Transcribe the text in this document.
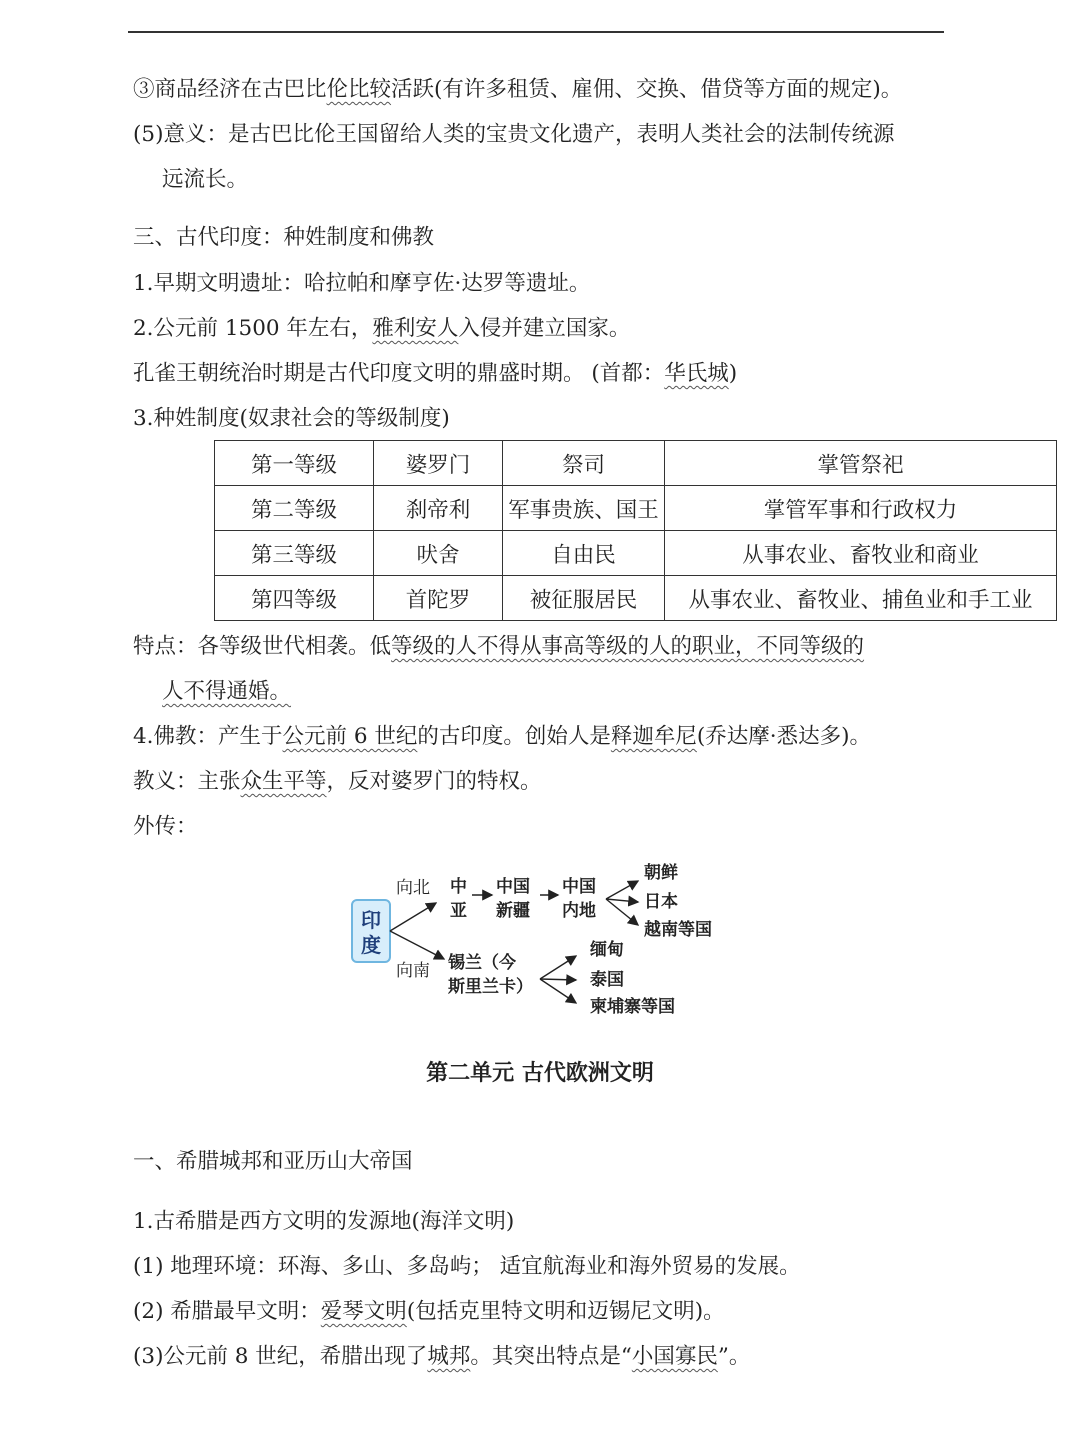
③商品经济在古巴比伦比较活跃(有许多租赁、雇佣、交换、借贷等方面的规定)。
(5)意义：是古巴比伦王国留给人类的宝贵文化遗产，表明人类社会的法制传统源
远流长。
三、古代印度：种姓制度和佛教
1.早期文明遗址：哈拉帕和摩亨佐·达罗等遗址。
2.公元前 1500 年左右，雅利安人入侵并建立国家。
孔雀王朝统治时期是古代印度文明的鼎盛时期。 (首都：华氏城)
3.种姓制度(奴隶社会的等级制度)
第一等级	婆罗门	祭司	掌管祭祀
第二等级	刹帝利	军事贵族、国王	掌管军事和行政权力
第三等级	吠舍	自由民	从事农业、畜牧业和商业
第四等级	首陀罗	被征服居民	从事农业、畜牧业、捕鱼业和手工业
特点：各等级世代相袭。低等级的人不得从事高等级的人的职业，不同等级的
人不得通婚。
4.佛教：产生于公元前 6 世纪的古印度。创始人是释迦牟尼(乔达摩·悉达多)。
教义：主张众生平等，反对婆罗门的特权。
外传：
印
度
向北
向南
中
亚
中国
新疆
中国
内地
朝鲜
日本
越南等国
锡兰（今
斯里兰卡）
缅甸
泰国
柬埔寨等国
第二单元 古代欧洲文明
一、希腊城邦和亚历山大帝国
1.古希腊是西方文明的发源地(海洋文明)
(1) 地理环境：环海、多山、多岛屿； 适宜航海业和海外贸易的发展。
(2) 希腊最早文明：爱琴文明(包括克里特文明和迈锡尼文明)。
(3)公元前 8 世纪，希腊出现了城邦。其突出特点是“小国寡民”。
